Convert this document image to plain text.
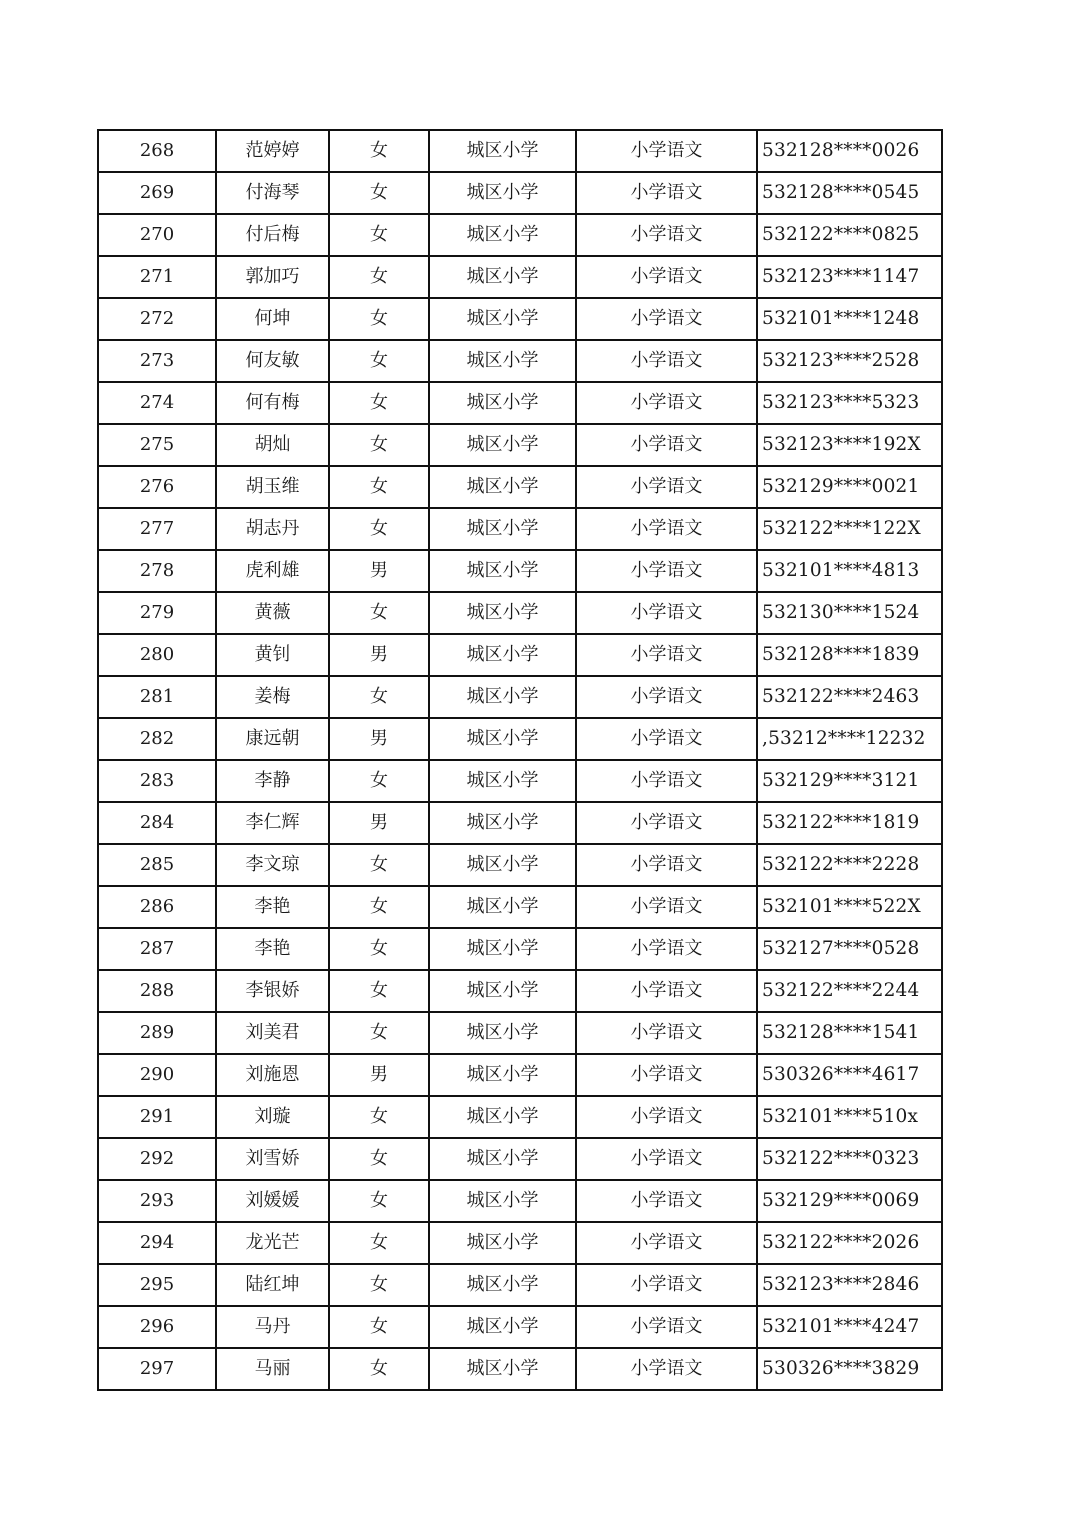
268	范婷婷	女	城区小学	小学语文	532128****0026
269	付海琴	女	城区小学	小学语文	532128****0545
270	付后梅	女	城区小学	小学语文	532122****0825
271	郭加巧	女	城区小学	小学语文	532123****1147
272	何坤	女	城区小学	小学语文	532101****1248
273	何友敏	女	城区小学	小学语文	532123****2528
274	何有梅	女	城区小学	小学语文	532123****5323
275	胡灿	女	城区小学	小学语文	532123****192X
276	胡玉维	女	城区小学	小学语文	532129****0021
277	胡志丹	女	城区小学	小学语文	532122****122X
278	虎利雄	男	城区小学	小学语文	532101****4813
279	黄薇	女	城区小学	小学语文	532130****1524
280	黄钊	男	城区小学	小学语文	532128****1839
281	姜梅	女	城区小学	小学语文	532122****2463
282	康远朝	男	城区小学	小学语文	,53212****12232
283	李静	女	城区小学	小学语文	532129****3121
284	李仁辉	男	城区小学	小学语文	532122****1819
285	李文琼	女	城区小学	小学语文	532122****2228
286	李艳	女	城区小学	小学语文	532101****522X
287	李艳	女	城区小学	小学语文	532127****0528
288	李银娇	女	城区小学	小学语文	532122****2244
289	刘美君	女	城区小学	小学语文	532128****1541
290	刘施恩	男	城区小学	小学语文	530326****4617
291	刘璇	女	城区小学	小学语文	532101****510x
292	刘雪娇	女	城区小学	小学语文	532122****0323
293	刘媛媛	女	城区小学	小学语文	532129****0069
294	龙光芒	女	城区小学	小学语文	532122****2026
295	陆红坤	女	城区小学	小学语文	532123****2846
296	马丹	女	城区小学	小学语文	532101****4247
297	马丽	女	城区小学	小学语文	530326****3829
